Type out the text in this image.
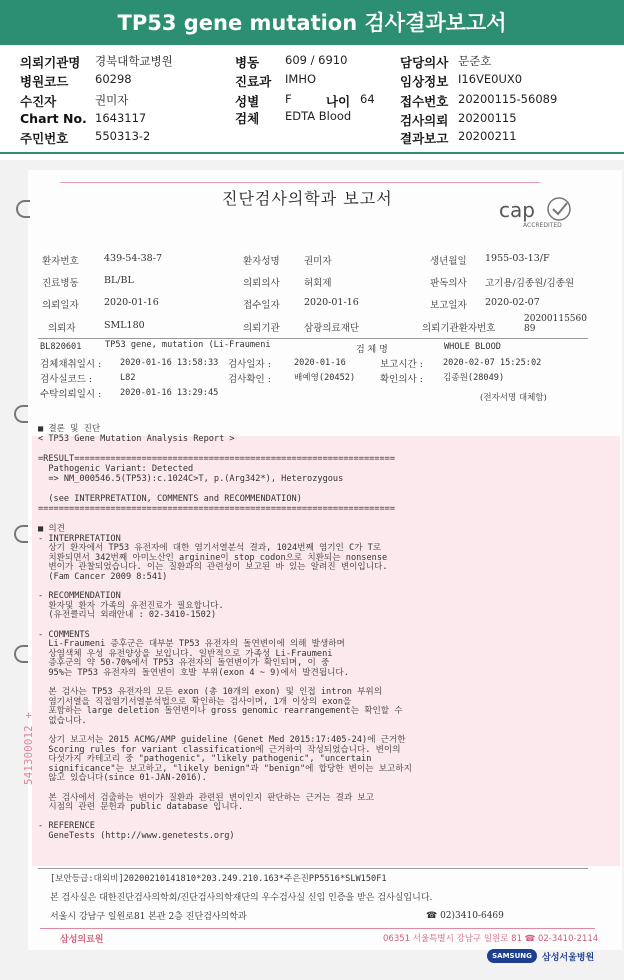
TP53 gene mutation 검사결과보고서
의뢰기관명 경북대학교병원	병동 609 / 6910	담당의사 문준호
병원코드 60298	진료과 IMHO	임상정보 I16VE0UX0
수진자	권미자	성별 F	나이 64 접수번호 20200115-56089
Chart No. 1643117	검체 EDTA Blood	검사의뢰 20200115
주민번호 550313-2	결과보고 20200211
진단검사의학과 보고서	cap
ACCREDITED
환자번호	439-54-38-7	환자성명	권미자	생년월일 1955-03-13/F
진료병동	BL/BL	의뢰의사	허회제	판독의사 고기용/김종원/김종원
의뢰일자	2020-01-16	접수일자	2020-01-16	보고일자 2020-02-07
의뢰자	SML180	의뢰기관	삼광의료재단	의뢰기관환자번호
20200115560 89
BL820601	TP53 gene, mutation (Li-Fraumeni	검 체 명	WHOLE BLOOD
검체채취일시 : 2020-01-16 13:58:33 검사일자 :	2020-01-16	보고시간 : 2020-02-07 15:25:02
검사실코드 :	L82	검사확인 :	배예영(20452)	확인의사 : 김종원(28049)
수탁의뢰일시 : 2020-01-16 13:29:45	(전자서명 대체함)
■ 결론 및 진단
< TP53 Gene Mutation Analysis Report >

=RESULT==============================================================
Pathogenic Variant: Detected
=> NM_000546.5(TP53):c.1024C>T, p.(Arg342*), Heterozygous

(see INTERPRETATION, COMMENTS and RECOMMENDATION)
=====================================================================
■ 의견
- INTERPRETATION
상기 환자에서 TP53 유전자에 대한 염기서열분석 결과, 1024번째 염기인 C가 T로
치환되면서 342번째 아미노산인 arginine이 stop codon으로 치환되는 nonsense
변이가 관찰되었습니다. 이는 질환과의 관련성이 보고된 바 있는 알려진 변이입니다.
(Fam Cancer 2009 8:541)

- RECOMMENDATION
환자및 환자 가족의 유전진료가 필요합니다.
(유전클리닉 외래안내 : 02-3410-1502)

- COMMENTS
Li-Fraumeni 증후군은 대부분 TP53 유전자의 돌연변이에 의해 발생하며
상염색체 우성 유전양상을 보입니다. 일반적으로 가족성 Li-Fraumeni
증후군의 약 50-70%에서 TP53 유전자의 돌연변이가 확인되며, 이 중
95%는 TP53 유전자의 돌연변이 호발 부위(exon 4 ~ 9)에서 발견됩니다.

본 검사는 TP53 유전자의 모든 exon (총 10개의 exon) 및 인접 intron 부위의
염기서열을 직접염기서열분석법으로 확인하는 검사이며, 1개 이상의 exon을
포함하는 large deletion 돌연변이나 gross genomic rearrangement는 확인할 수
없습니다.

상기 보고서는 2015 ACMG/AMP guideline (Genet Med 2015:17:405-24)에 근거한
Scoring rules for variant classification에 근거하여 작성되었습니다. 변이의
다섯가지 카테고리 중 "pathogenic", "likely pathogenic", "uncertain
significance"는 보고하고, "likely benign"과 "benign"에 합당한 변이는 보고하지
않고 있습니다(since 01-JAN-2016).

본 검사에서 검출하는 변이가 질환과 관련된 변이인지 판단하는 근거는 결과 보고
시점의 관련 문헌과 public database 입니다.

- REFERENCE
GeneTests (http://www.genetests.org)
541300012 +
[보안등급:대외비]20200210141810*203.249.210.163*주은진PP5516*SLW150F1
본 검사실은 대한진단검사의학회/진단검사의학재단의 우수검사실 신임 인증을 받은 검사실입니다.
서울시 강남구 일원로81 본관 2층 진단검사의학과	☎ 02)3410-6469
삼성의료원	06351 서울특별시 강남구 일원로 81 ☎ 02-3410-2114
SAMSUNG	삼성서울병원
